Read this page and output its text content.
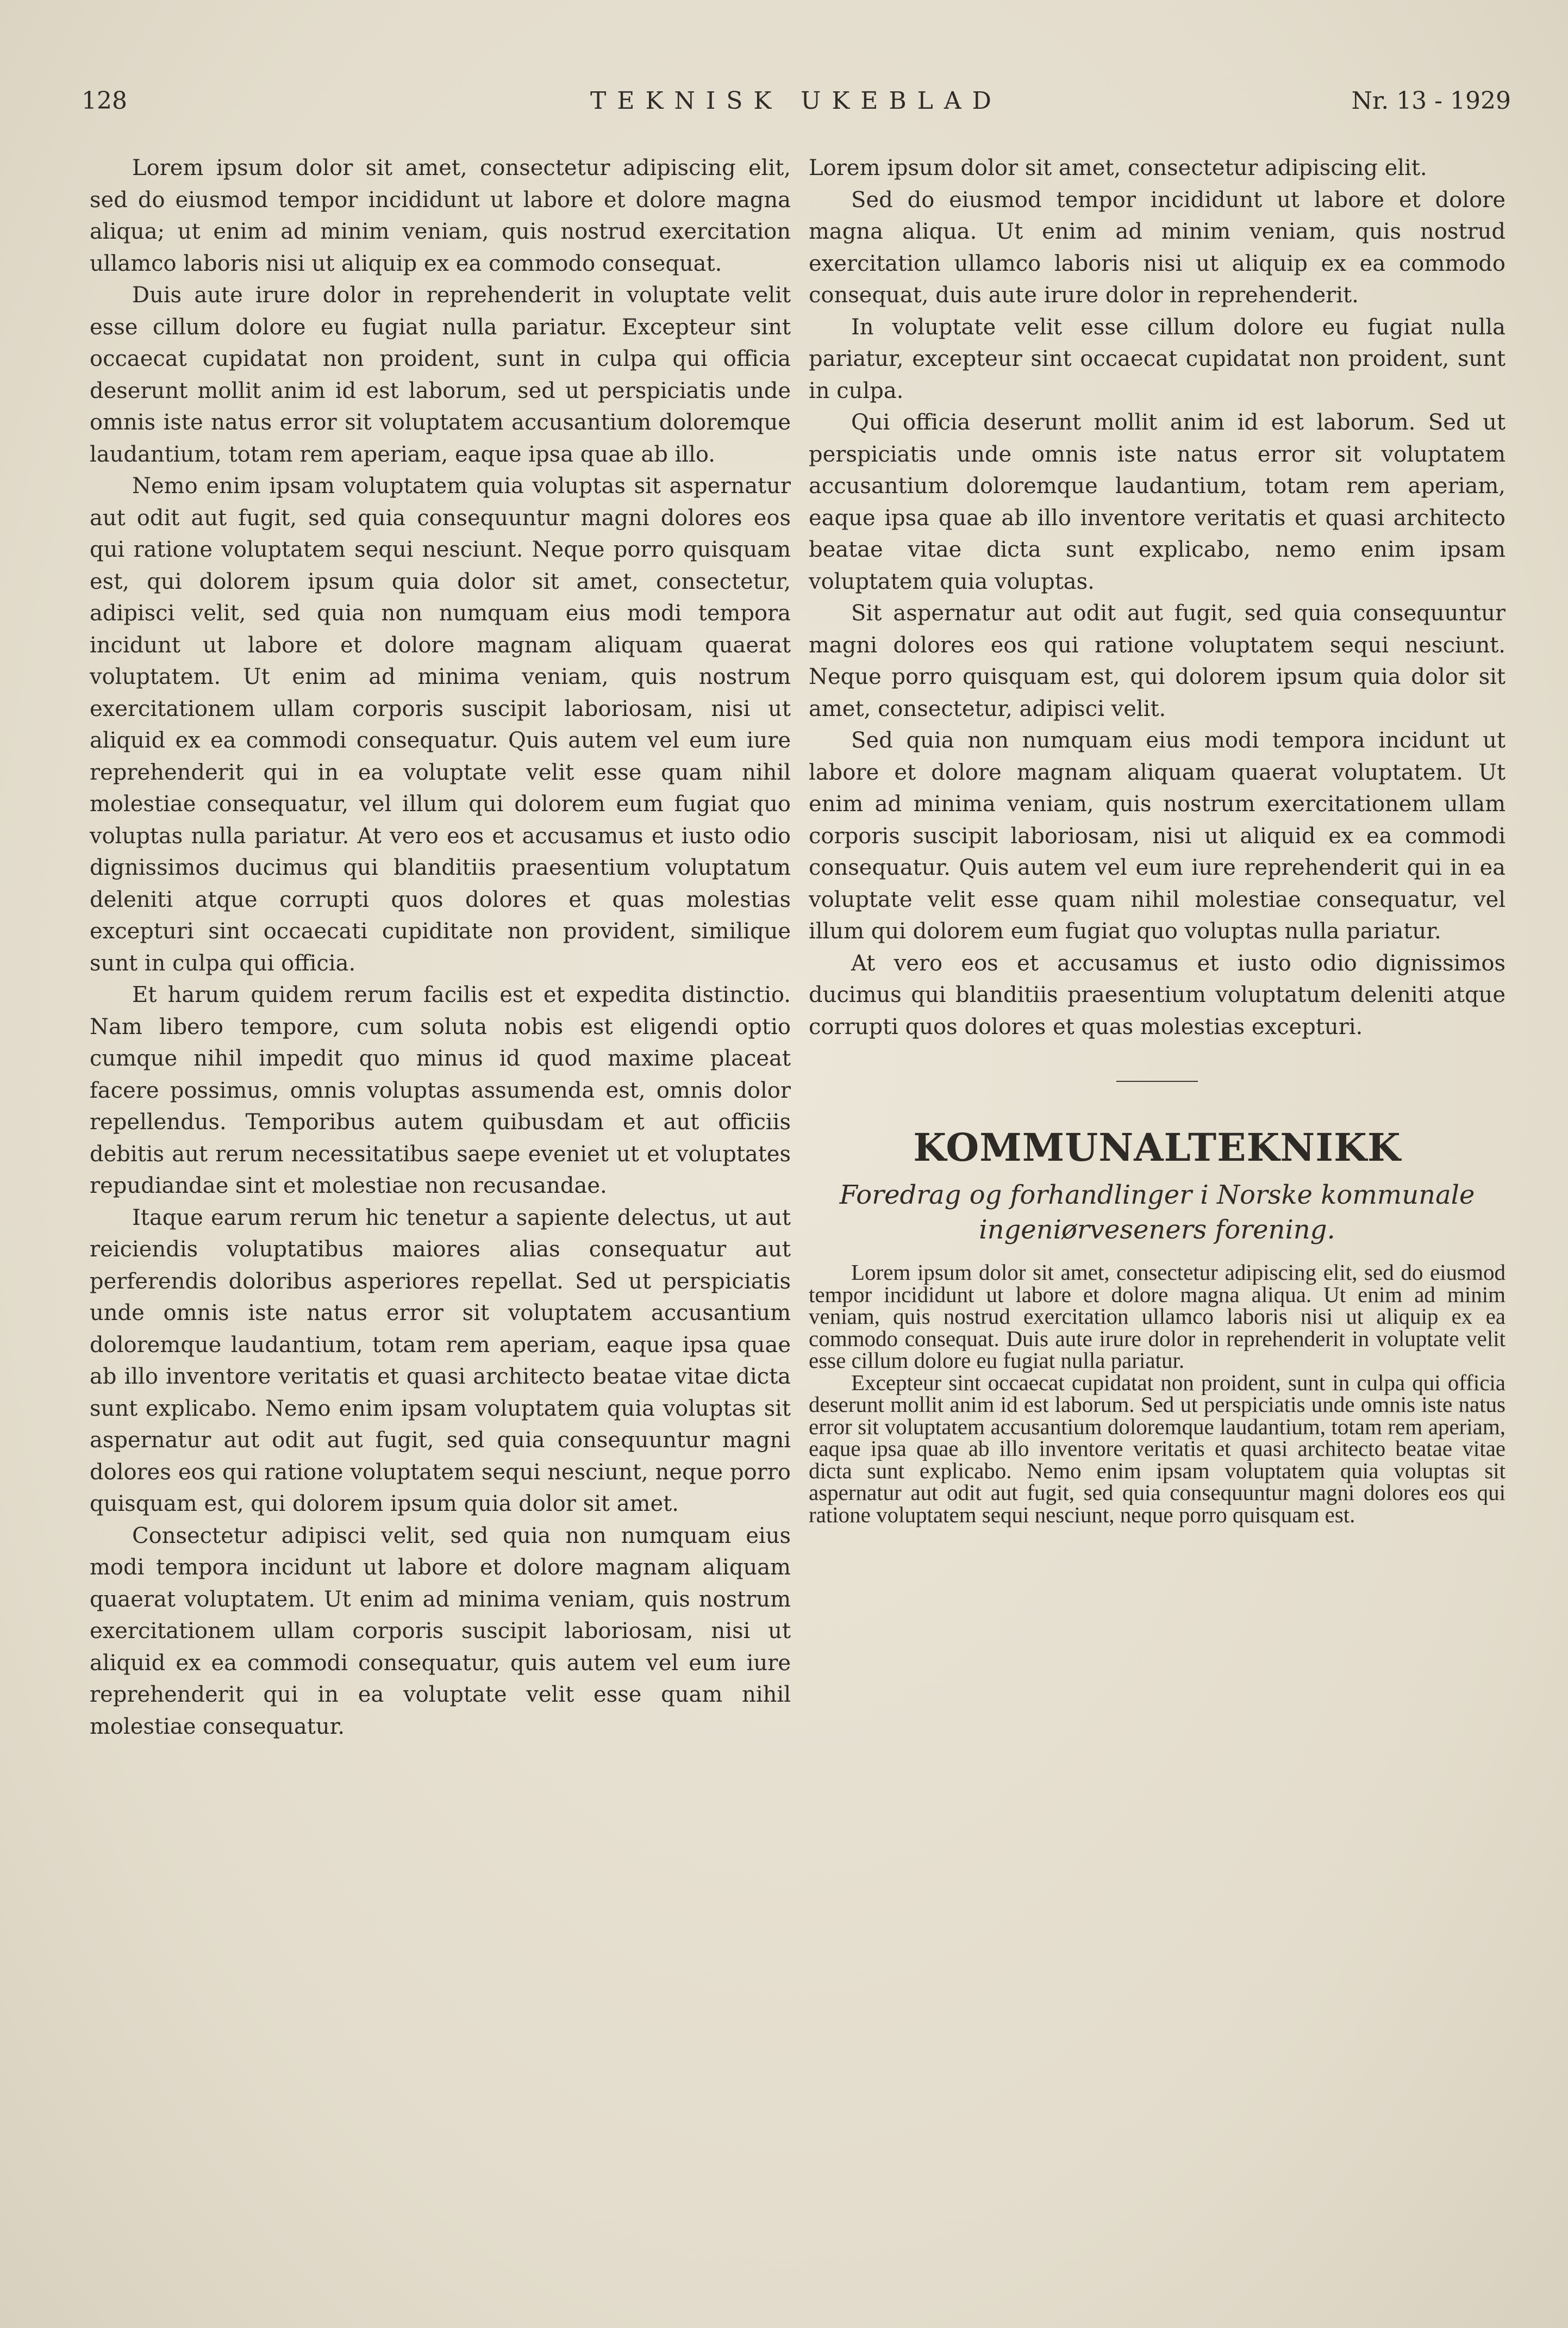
128	TEKNISK UKEBLAD	Nr. 13 - 1929

Lorem ipsum dolor sit amet, consectetur adipiscing elit, sed do eiusmod tempor incididunt ut labore et dolore magna aliqua; ut enim ad minim veniam, quis nostrud exercitation ullamco laboris nisi ut aliquip ex ea commodo consequat.

Duis aute irure dolor in reprehenderit in voluptate velit esse cillum dolore eu fugiat nulla pariatur. Excepteur sint occaecat cupidatat non proident, sunt in culpa qui officia deserunt mollit anim id est laborum, sed ut perspiciatis unde omnis iste natus error sit voluptatem accusantium doloremque laudantium, totam rem aperiam, eaque ipsa quae ab illo.

Nemo enim ipsam voluptatem quia voluptas sit aspernatur aut odit aut fugit, sed quia consequuntur magni dolores eos qui ratione voluptatem sequi nesciunt. Neque porro quisquam est, qui dolorem ipsum quia dolor sit amet, consectetur, adipisci velit, sed quia non numquam eius modi tempora incidunt ut labore et dolore magnam aliquam quaerat voluptatem. Ut enim ad minima veniam, quis nostrum exercitationem ullam corporis suscipit laboriosam, nisi ut aliquid ex ea commodi consequatur. Quis autem vel eum iure reprehenderit qui in ea voluptate velit esse quam nihil molestiae consequatur, vel illum qui dolorem eum fugiat quo voluptas nulla pariatur. At vero eos et accusamus et iusto odio dignissimos ducimus qui blanditiis praesentium voluptatum deleniti atque corrupti quos dolores et quas molestias excepturi sint occaecati cupiditate non provident, similique sunt in culpa qui officia.

Et harum quidem rerum facilis est et expedita distinctio. Nam libero tempore, cum soluta nobis est eligendi optio cumque nihil impedit quo minus id quod maxime placeat facere possimus, omnis voluptas assumenda est, omnis dolor repellendus. Temporibus autem quibusdam et aut officiis debitis aut rerum necessitatibus saepe eveniet ut et voluptates repudiandae sint et molestiae non recusandae.

Itaque earum rerum hic tenetur a sapiente delectus, ut aut reiciendis voluptatibus maiores alias consequatur aut perferendis doloribus asperiores repellat. Sed ut perspiciatis unde omnis iste natus error sit voluptatem accusantium doloremque laudantium, totam rem aperiam, eaque ipsa quae ab illo inventore veritatis et quasi architecto beatae vitae dicta sunt explicabo. Nemo enim ipsam voluptatem quia voluptas sit aspernatur aut odit aut fugit, sed quia consequuntur magni dolores eos qui ratione voluptatem sequi nesciunt, neque porro quisquam est, qui dolorem ipsum quia dolor sit amet.

Consectetur adipisci velit, sed quia non numquam eius modi tempora incidunt ut labore et dolore magnam aliquam quaerat voluptatem. Ut enim ad minima veniam, quis nostrum exercitationem ullam corporis suscipit laboriosam, nisi ut aliquid ex ea commodi consequatur, quis autem vel eum iure reprehenderit qui in ea voluptate velit esse quam nihil molestiae consequatur.

Lorem ipsum dolor sit amet, consectetur adipiscing elit.

Sed do eiusmod tempor incididunt ut labore et dolore magna aliqua. Ut enim ad minim veniam, quis nostrud exercitation ullamco laboris nisi ut aliquip ex ea commodo consequat, duis aute irure dolor in reprehenderit.

In voluptate velit esse cillum dolore eu fugiat nulla pariatur, excepteur sint occaecat cupidatat non proident, sunt in culpa.

Qui officia deserunt mollit anim id est laborum. Sed ut perspiciatis unde omnis iste natus error sit voluptatem accusantium doloremque laudantium, totam rem aperiam, eaque ipsa quae ab illo inventore veritatis et quasi architecto beatae vitae dicta sunt explicabo, nemo enim ipsam voluptatem quia voluptas.

Sit aspernatur aut odit aut fugit, sed quia consequuntur magni dolores eos qui ratione voluptatem sequi nesciunt. Neque porro quisquam est, qui dolorem ipsum quia dolor sit amet, consectetur, adipisci velit.

Sed quia non numquam eius modi tempora incidunt ut labore et dolore magnam aliquam quaerat voluptatem. Ut enim ad minima veniam, quis nostrum exercitationem ullam corporis suscipit laboriosam, nisi ut aliquid ex ea commodi consequatur. Quis autem vel eum iure reprehenderit qui in ea voluptate velit esse quam nihil molestiae consequatur, vel illum qui dolorem eum fugiat quo voluptas nulla pariatur.

At vero eos et accusamus et iusto odio dignissimos ducimus qui blanditiis praesentium voluptatum deleniti atque corrupti quos dolores et quas molestias excepturi.

KOMMUNALTEKNIKK

Foredrag og forhandlinger i Norske kommunale ingeniørveseners forening.

Lorem ipsum dolor sit amet, consectetur adipiscing elit, sed do eiusmod tempor incididunt ut labore et dolore magna aliqua. Ut enim ad minim veniam, quis nostrud exercitation ullamco laboris nisi ut aliquip ex ea commodo consequat. Duis aute irure dolor in reprehenderit in voluptate velit esse cillum dolore eu fugiat nulla pariatur.

Excepteur sint occaecat cupidatat non proident, sunt in culpa qui officia deserunt mollit anim id est laborum. Sed ut perspiciatis unde omnis iste natus error sit voluptatem accusantium doloremque laudantium, totam rem aperiam, eaque ipsa quae ab illo inventore veritatis et quasi architecto beatae vitae dicta sunt explicabo. Nemo enim ipsam voluptatem quia voluptas sit aspernatur aut odit aut fugit, sed quia consequuntur magni dolores eos qui ratione voluptatem sequi nesciunt, neque porro quisquam est.
